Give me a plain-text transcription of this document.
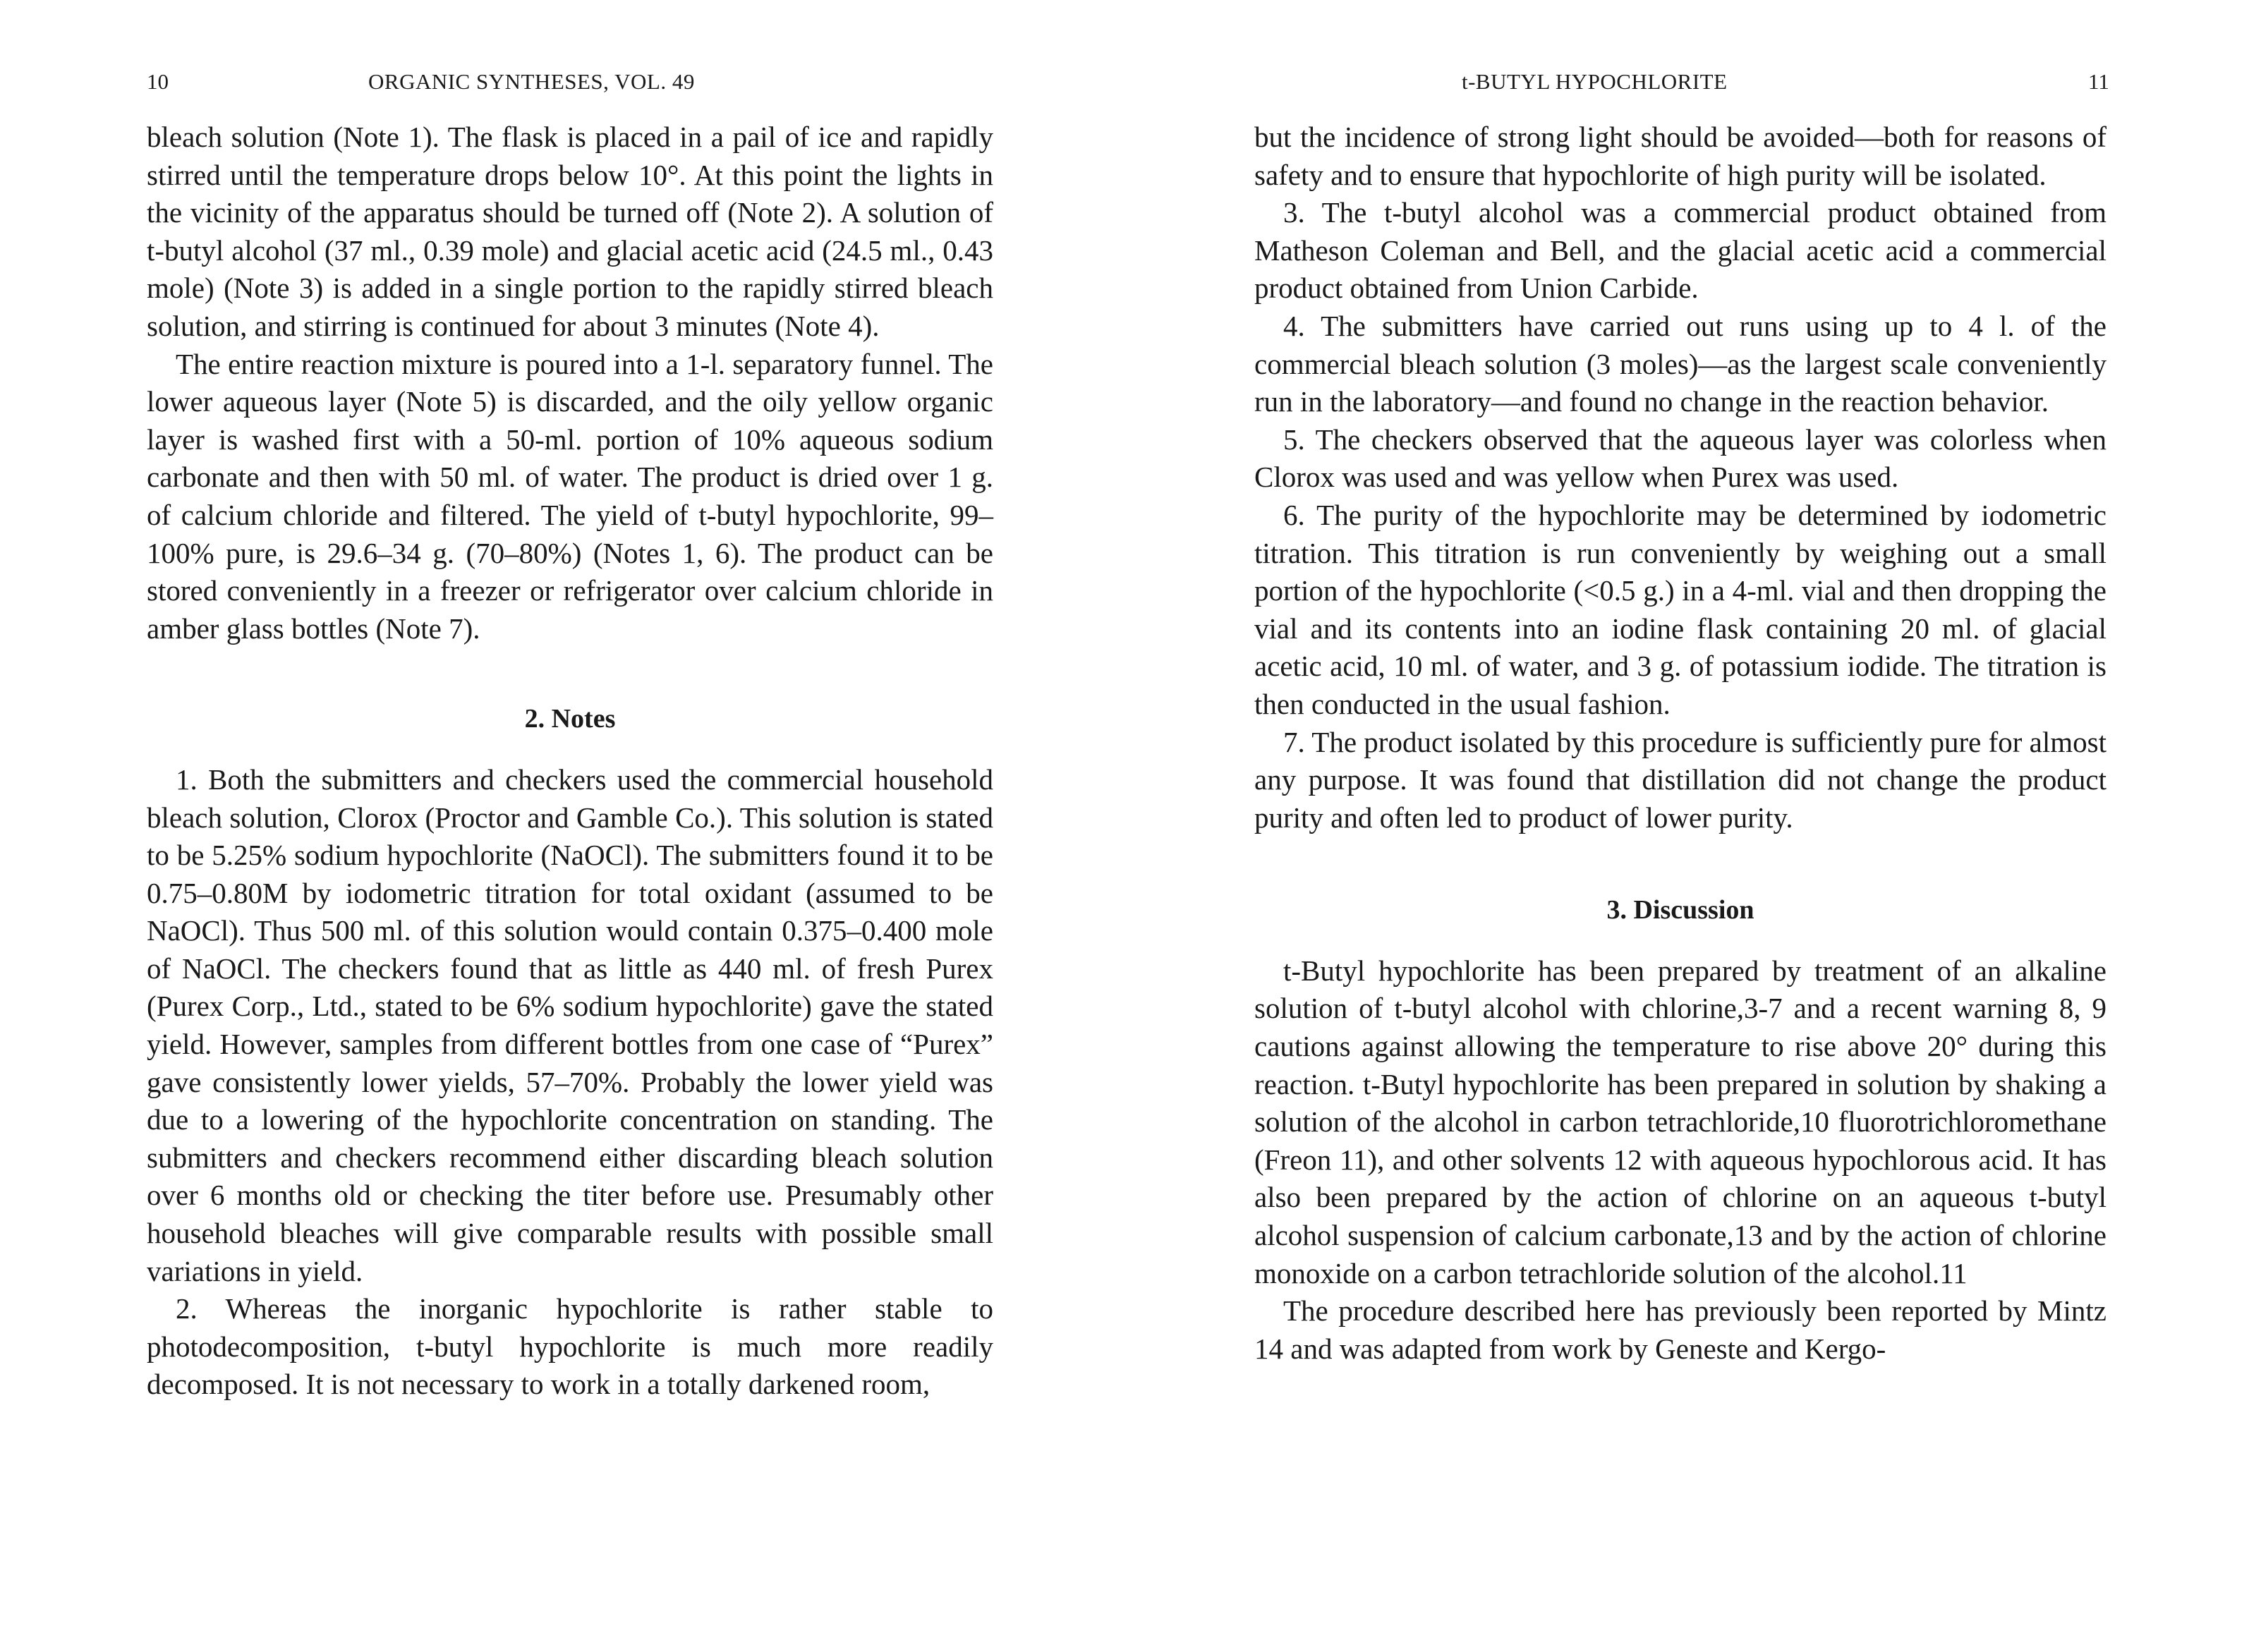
10	ORGANIC SYNTHESES, VOL. 49

bleach solution (Note 1). The flask is placed in a pail of ice and rapidly stirred until the temperature drops below 10°. At this point the lights in the vicinity of the apparatus should be turned off (Note 2). A solution of t-butyl alcohol (37 ml., 0.39 mole) and glacial acetic acid (24.5 ml., 0.43 mole) (Note 3) is added in a single portion to the rapidly stirred bleach solution, and stirring is continued for about 3 minutes (Note 4).

The entire reaction mixture is poured into a 1-l. separatory funnel. The lower aqueous layer (Note 5) is discarded, and the oily yellow organic layer is washed first with a 50-ml. portion of 10% aqueous sodium carbonate and then with 50 ml. of water. The product is dried over 1 g. of calcium chloride and filtered. The yield of t-butyl hypochlorite, 99–100% pure, is 29.6–34 g. (70–80%) (Notes 1, 6). The product can be stored conveniently in a freezer or refrigerator over calcium chloride in amber glass bottles (Note 7).

2. Notes

1. Both the submitters and checkers used the commercial household bleach solution, Clorox (Proctor and Gamble Co.). This solution is stated to be 5.25% sodium hypochlorite (NaOCl). The submitters found it to be 0.75–0.80M by iodometric titration for total oxidant (assumed to be NaOCl). Thus 500 ml. of this solution would contain 0.375–0.400 mole of NaOCl. The checkers found that as little as 440 ml. of fresh Purex (Purex Corp., Ltd., stated to be 6% sodium hypochlorite) gave the stated yield. However, samples from different bottles from one case of “Purex” gave consistently lower yields, 57–70%. Probably the lower yield was due to a lowering of the hypochlorite concentration on standing. The submitters and checkers recommend either discarding bleach solution over 6 months old or checking the titer before use. Presumably other household bleaches will give comparable results with possible small variations in yield.

2. Whereas the inorganic hypochlorite is rather stable to photodecomposition, t-butyl hypochlorite is much more readily decomposed. It is not necessary to work in a totally darkened room,

t-BUTYL HYPOCHLORITE	11

but the incidence of strong light should be avoided—both for reasons of safety and to ensure that hypochlorite of high purity will be isolated.

3. The t-butyl alcohol was a commercial product obtained from Matheson Coleman and Bell, and the glacial acetic acid a commercial product obtained from Union Carbide.

4. The submitters have carried out runs using up to 4 l. of the commercial bleach solution (3 moles)—as the largest scale conveniently run in the laboratory—and found no change in the reaction behavior.

5. The checkers observed that the aqueous layer was colorless when Clorox was used and was yellow when Purex was used.

6. The purity of the hypochlorite may be determined by iodometric titration. This titration is run conveniently by weighing out a small portion of the hypochlorite (<0.5 g.) in a 4-ml. vial and then dropping the vial and its contents into an iodine flask containing 20 ml. of glacial acetic acid, 10 ml. of water, and 3 g. of potassium iodide. The titration is then conducted in the usual fashion.

7. The product isolated by this procedure is sufficiently pure for almost any purpose. It was found that distillation did not change the product purity and often led to product of lower purity.

3. Discussion

t-Butyl hypochlorite has been prepared by treatment of an alkaline solution of t-butyl alcohol with chlorine,3-7 and a recent warning 8, 9 cautions against allowing the temperature to rise above 20° during this reaction. t-Butyl hypochlorite has been prepared in solution by shaking a solution of the alcohol in carbon tetrachloride,10 fluorotrichloromethane (Freon 11), and other solvents 12 with aqueous hypochlorous acid. It has also been prepared by the action of chlorine on an aqueous t-butyl alcohol suspension of calcium carbonate,13 and by the action of chlorine monoxide on a carbon tetrachloride solution of the alcohol.11

The procedure described here has previously been reported by Mintz 14 and was adapted from work by Geneste and Kergo-
